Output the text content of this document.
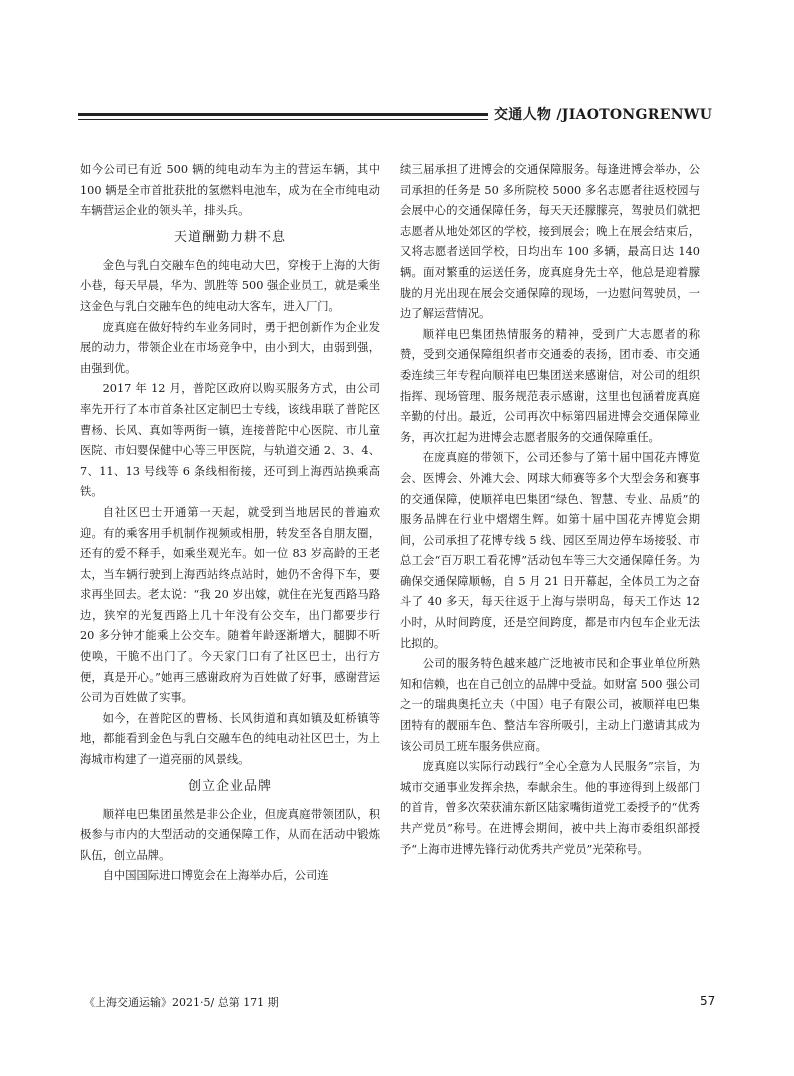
交通人物 /JIAOTONGRENWU

如今公司已有近 500 辆的纯电动车为主的营运车辆，其中 100 辆是全市首批获批的氢燃料电池车，成为在全市纯电动车辆营运企业的领头羊，排头兵。

天道酬勤力耕不息

金色与乳白交融车色的纯电动大巴，穿梭于上海的大街小巷，每天早晨，华为、凯胜等 500 强企业员工，就是乘坐这金色与乳白交融车色的纯电动大客车，进入厂门。

庞真庭在做好特约车业务同时，勇于把创新作为企业发展的动力，带领企业在市场竞争中，由小到大，由弱到强，由强到优。

2017 年 12 月，普陀区政府以购买服务方式，由公司率先开行了本市首条社区定制巴士专线，该线串联了普陀区曹杨、长风、真如等两街一镇，连接普陀中心医院、市儿童医院、市妇婴保健中心等三甲医院，与轨道交通 2、3、4、7、11、13 号线等 6 条线相衔接，还可到上海西站换乘高铁。

自社区巴士开通第一天起，就受到当地居民的普遍欢迎。有的乘客用手机制作视频或相册，转发至各自朋友圈，还有的爱不释手，如乘坐观光车。如一位 83 岁高龄的王老太，当车辆行驶到上海西站终点站时，她仍不舍得下车，要求再坐回去。老太说：“我 20 岁出嫁，就住在光复西路马路边，狭窄的光复西路上几十年没有公交车，出门都要步行 20 多分钟才能乘上公交车。随着年龄逐渐增大，腿脚不听使唤，干脆不出门了。今天家门口有了社区巴士，出行方便，真是开心。”她再三感谢政府为百姓做了好事，感谢营运公司为百姓做了实事。

如今，在普陀区的曹杨、长风街道和真如镇及虹桥镇等地，都能看到金色与乳白交融车色的纯电动社区巴士，为上海城市构建了一道亮丽的风景线。

创立企业品牌

顺祥电巴集团虽然是非公企业，但庞真庭带领团队，积极参与市内的大型活动的交通保障工作，从而在活动中锻炼队伍，创立品牌。

自中国国际进口博览会在上海举办后，公司连

续三届承担了进博会的交通保障服务。每逢进博会举办，公司承担的任务是 50 多所院校 5000 多名志愿者往返校园与会展中心的交通保障任务，每天天还朦朦亮，驾驶员们就把志愿者从地处郊区的学校，接到展会；晚上在展会结束后，又将志愿者送回学校，日均出车 100 多辆，最高日达 140 辆。面对繁重的运送任务，庞真庭身先士卒，他总是迎着朦胧的月光出现在展会交通保障的现场，一边慰问驾驶员，一边了解运营情况。

顺祥电巴集团热情服务的精神，受到广大志愿者的称赞，受到交通保障组织者市交通委的表扬，团市委、市交通委连续三年专程向顺祥电巴集团送来感谢信，对公司的组织指挥、现场管理、服务规范表示感谢，这里也包涵着庞真庭辛勤的付出。最近，公司再次中标第四届进博会交通保障业务，再次扛起为进博会志愿者服务的交通保障重任。

在庞真庭的带领下，公司还参与了第十届中国花卉博览会、医博会、外滩大会、网球大师赛等多个大型会务和赛事的交通保障，使顺祥电巴集团“绿色、智慧、专业、品质”的服务品牌在行业中熠熠生辉。如第十届中国花卉博览会期间，公司承担了花博专线 5 线、园区至周边停车场接驳、市总工会“百万职工看花博”活动包车等三大交通保障任务。为确保交通保障顺畅，自 5 月 21 日开幕起，全体员工为之奋斗了 40 多天，每天往返于上海与崇明岛，每天工作达 12 小时，从时间跨度，还是空间跨度，都是市内包车企业无法比拟的。

公司的服务特色越来越广泛地被市民和企事业单位所熟知和信赖，也在自己创立的品牌中受益。如财富 500 强公司之一的瑞典奥托立夫（中国）电子有限公司，被顺祥电巴集团特有的靓丽车色、整洁车容所吸引，主动上门邀请其成为该公司员工班车服务供应商。

庞真庭以实际行动践行“全心全意为人民服务”宗旨，为城市交通事业发挥余热，奉献余生。他的事迹得到上级部门的首肯，曾多次荣获浦东新区陆家嘴街道党工委授予的“优秀共产党员”称号。在进博会期间，被中共上海市委组织部授予“上海市进博先锋行动优秀共产党员”光荣称号。

《上海交通运输》2021·5/ 总第 171 期	57
